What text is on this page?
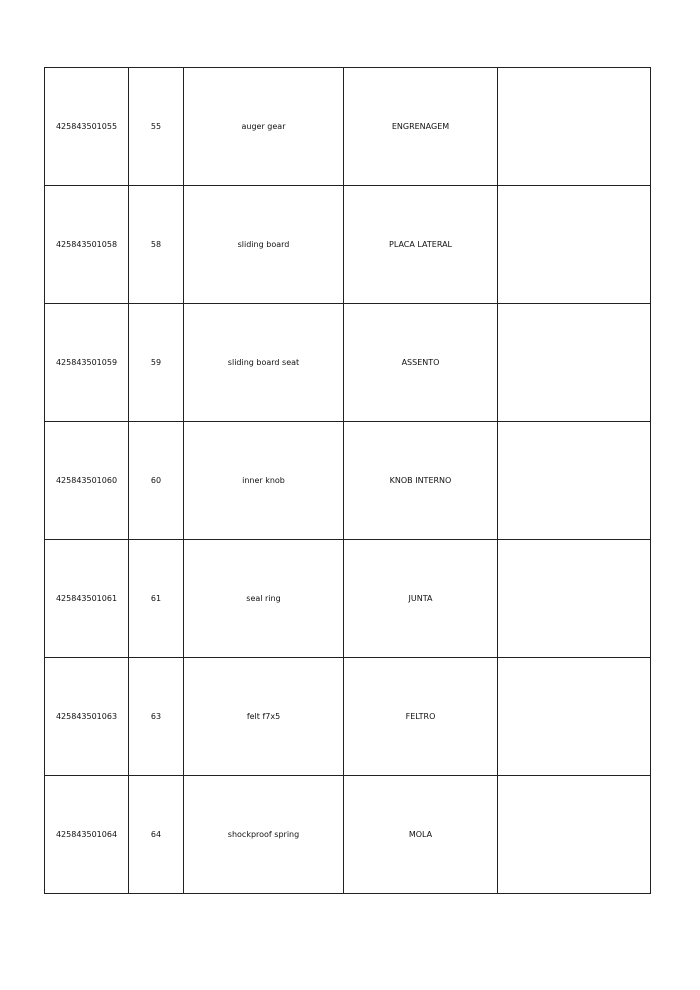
425843501055	55	auger gear	ENGRENAGEM	
425843501058	58	sliding board	PLACA LATERAL	
425843501059	59	sliding board seat	ASSENTO	
425843501060	60	inner knob	KNOB INTERNO	
425843501061	61	seal ring	JUNTA	
425843501063	63	felt f7x5	FELTRO	
425843501064	64	shockproof spring	MOLA	
